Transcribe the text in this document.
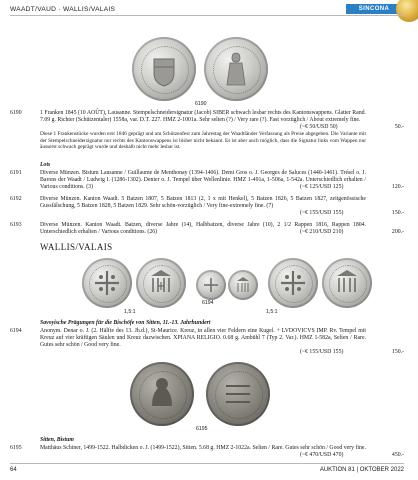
WAADT/VAUD · WALLIS/VALAIS	SINCONA
6190
6190	1 Franken 1845 (10 AOÛT), Lausanne. Stempelschneidersignatur (Jacob) SIBER schwach lesbar rechts des Kantonswappens. Glatter Rand. 7.09 g. Richter (Schützentaler) 1558a, var. D.T. 227. HMZ 2-1001a. Sehr selten (?) / Very rare (?). Fast vorzüglich / About extremely fine.
(~€ 50/USD 50)	50.-
Diese 1 Frankenstücke wurden erst 1846 geprägt und am Schützenfest zum Jahrestag der Waadtländer Verfassung als Preise abgegeben. Die Variante mit der Stempelschneidersignatur nur rechts des Kantonswappens ist bisher nicht bekannt. Es ist aber auch möglich, dass die Signatur links vom Wappen nur äusserst schwach geprägt wurde und deshalb nicht mehr lesbar ist.
Lots
6191	Diverse Münzen. Bistum Lausanne / Guillaume de Menthonay (1394-1406). Demi Gros o. J. Georges de Saluces (1440-1461). Trésel o. J. Barons der Waadt / Ludwig I. (1286-1302). Denier o. J. Tempel über Wellenlinie. HMZ 1-491a, 1-506a, 1-542a. Unterschiedlich erhalten / Various conditions. (3)	120.-
(~€ 125/USD 125)
6192	Diverse Münzen. Kanton Waadt. 5 Batzen 1807, 5 Batzen 1813 (2, 1 x mit Henkel), 5 Batzen 1826, 5 Batzen 1827, zeitgenössische Gussfälschung, 5 Batzen 1828, 5 Batzen 1829. Sehr schön-vorzüglich / Very fine-extremely fine. (7)
(~€ 155/USD 155)	150.-
6193	Diverse Münzen. Kanton Waadt. Batzen, diverse Jahre (14), Halbbatzen, diverse Jahre (10), 2 1/2 Rappen 1816, Rappen 1804. Unterschiedlich erhalten / Various conditions. (26)	(~€ 210/USD 210)	200.-
WALLIS/VALAIS
6194
1,5:1	1,5:1
Savoyische Prägungen für die Bischöfe von Sitten, 11.-13. Jahrhundert
6194	Anonym. Denar o. J. (2. Hälfte des 13. Jh.d.), St-Maurice. Kreuz, in allen vier Feldern eine Kugel. + LVDOVICVS IMP. Rv. Tempel mit Kreuz auf vier kräftigen Säulen und Kreuz dazwischen. XPIANA RELIGIO. 0.68 g. Ambühl 7 (Typ 2. Var.). HMZ 1-582a, Selten / Rare. Gutes sehr schön / Good very fine.
(~€ 155/USD 155)	150.-
6195
Sitten, Bistum
6195	Matthäus Schiner, 1499-1522. Halbdicken o. J. (1499-1522), Sitten. 5.68 g. HMZ 2-1022a. Selten / Rare. Gutes sehr schön / Good very fine.
(~€ 470/USD 470)	450.-
64	AUKTION 81 | OKTOBER 2022
